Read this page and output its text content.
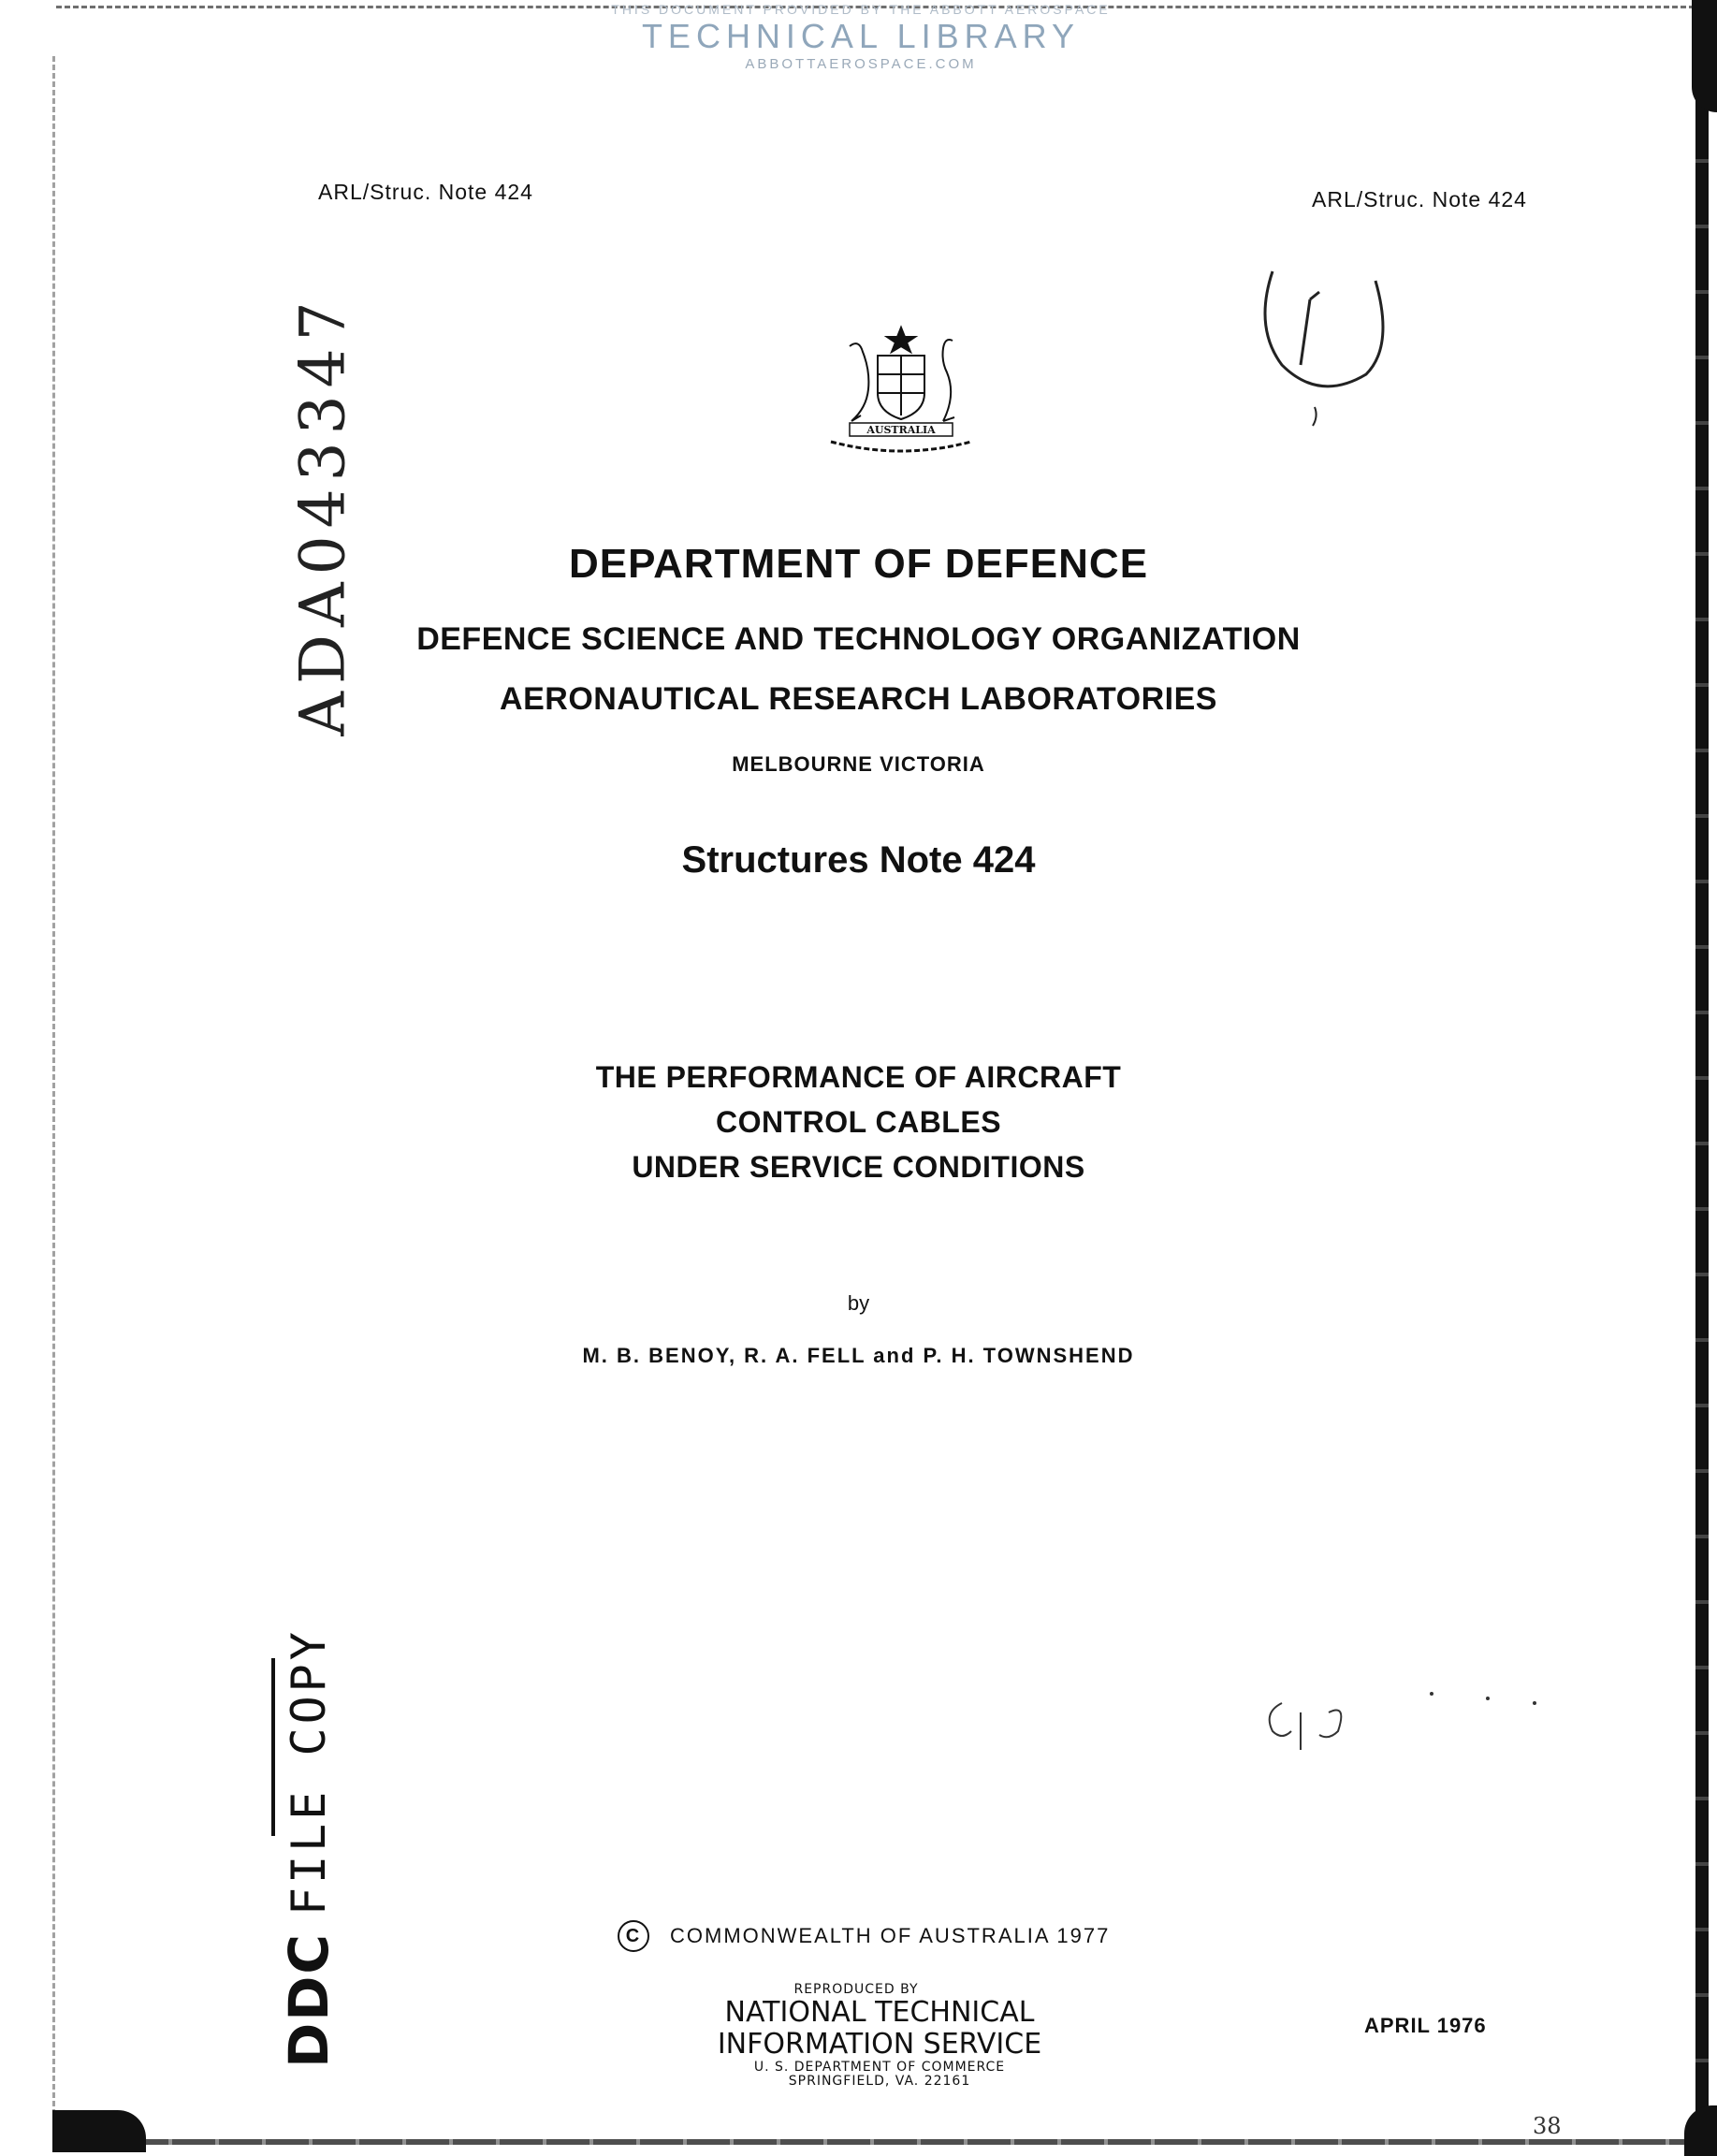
THIS DOCUMENT PROVIDED BY THE ABBOTT AEROSPACE
TECHNICAL LIBRARY
ABBOTTAEROSPACE.COM
ARL/Struc. Note 424	ARL/Struc. Note 424
AUSTRALIA
ADA043347	DEPARTMENT OF DEFENCE
DEFENCE SCIENCE AND TECHNOLOGY ORGANIZATION
AERONAUTICAL RESEARCH LABORATORIES
MELBOURNE VICTORIA
Structures Note 424
THE PERFORMANCE OF AIRCRAFT
CONTROL CABLES
UNDER SERVICE CONDITIONS
by
M. B. BENOY, R. A. FELL and P. H. TOWNSHEND
DDC
FILE COPY
C	COMMONWEALTH OF AUSTRALIA 1977
REPRODUCED BY
NATIONAL TECHNICAL
INFORMATION SERVICE
U. S. DEPARTMENT OF COMMERCE
SPRINGFIELD, VA. 22161
APRIL 1976
38
